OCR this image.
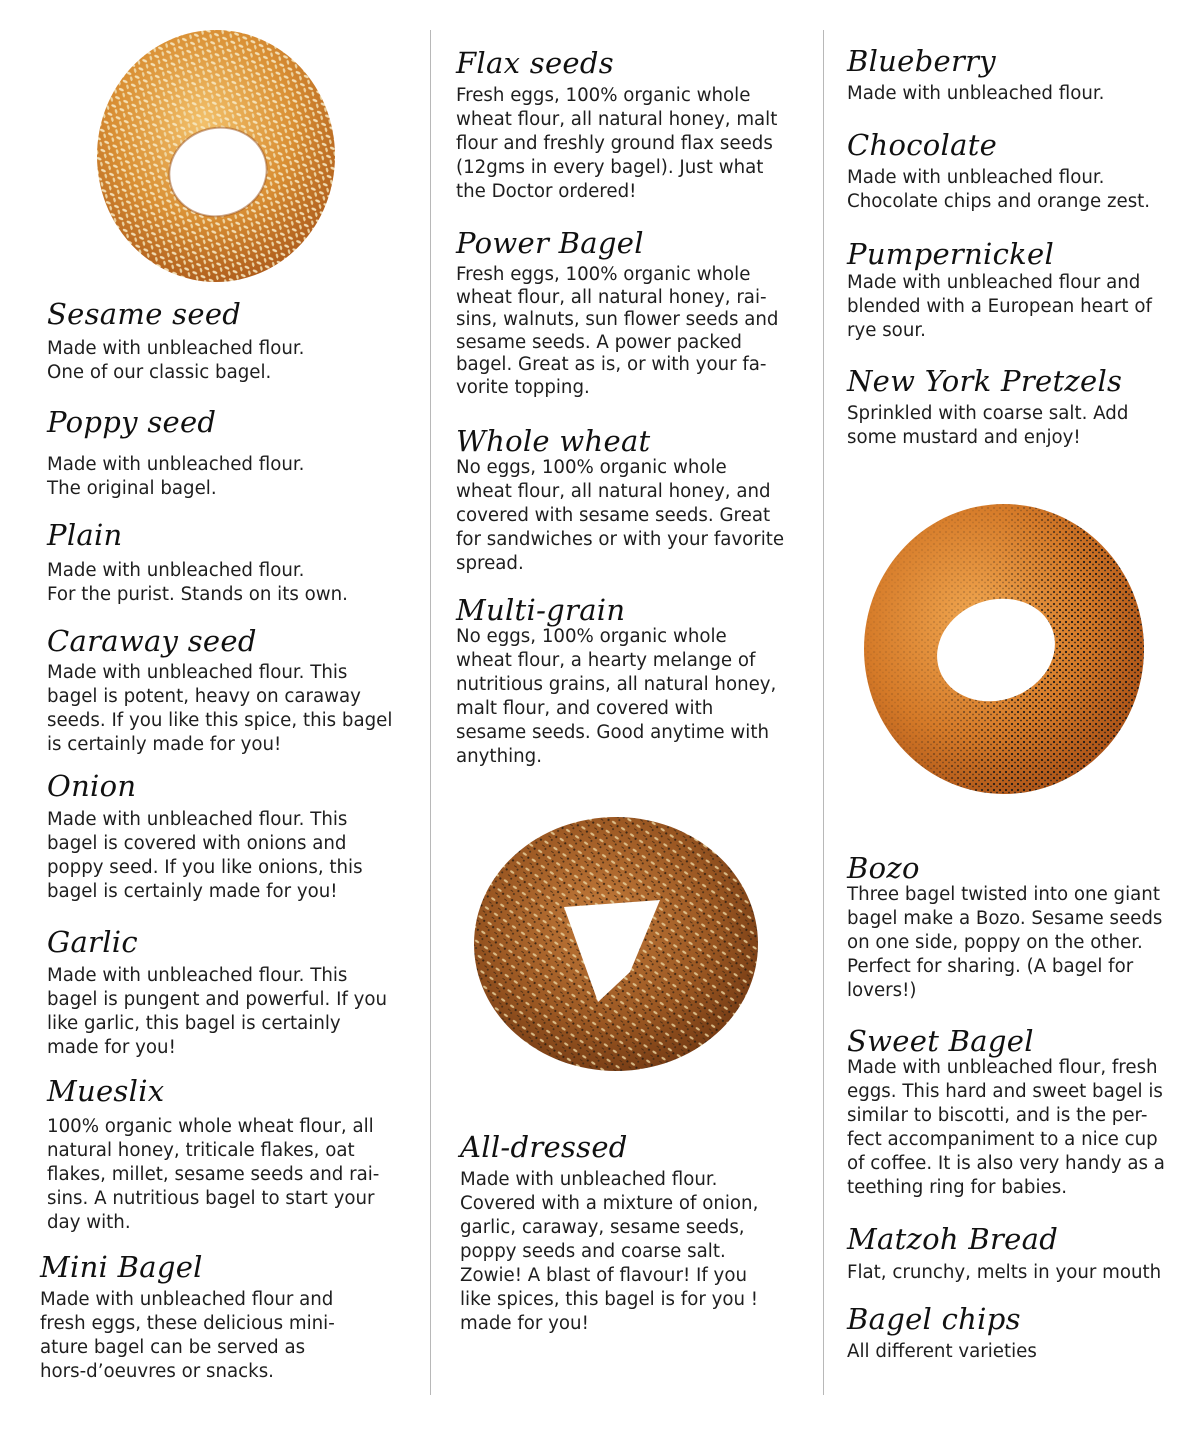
Sesame seed

Made with unbleached flour.
One of our classic bagel.

Poppy seed

Made with unbleached flour.
The original bagel.

Plain

Made with unbleached flour.
For the purist. Stands on its own.

Caraway seed

Made with unbleached flour. This
bagel is potent, heavy on caraway
seeds. If you like this spice, this bagel
is certainly made for you!

Onion

Made with unbleached flour. This
bagel is covered with onions and
poppy seed. If you like onions, this
bagel is certainly made for you!

Garlic

Made with unbleached flour. This
bagel is pungent and powerful. If you
like garlic, this bagel is certainly
made for you!

Mueslix

100% organic whole wheat flour, all
natural honey, triticale flakes, oat
flakes, millet, sesame seeds and rai-
sins. A nutritious bagel to start your
day with.

Mini Bagel

Made with unbleached flour and
fresh eggs, these delicious mini-
ature bagel can be served as
hors-d’oeuvres or snacks.

Flax seeds

Fresh eggs, 100% organic whole
wheat flour, all natural honey, malt
flour and freshly ground flax seeds
(12gms in every bagel). Just what
the Doctor ordered!

Power Bagel

Fresh eggs, 100% organic whole
wheat flour, all natural honey, rai-
sins, walnuts, sun flower seeds and
sesame seeds. A power packed
bagel. Great as is, or with your fa-
vorite topping.

Whole wheat

No eggs, 100% organic whole
wheat flour, all natural honey, and
covered with sesame seeds. Great
for sandwiches or with your favorite
spread.

Multi-grain

No eggs, 100% organic whole
wheat flour, a hearty melange of
nutritious grains, all natural honey,
malt flour, and covered with
sesame seeds. Good anytime with
anything.

All-dressed

Made with unbleached flour.
Covered with a mixture of onion,
garlic, caraway, sesame seeds,
poppy seeds and coarse salt.
Zowie! A blast of flavour! If you
like spices, this bagel is for you !
made for you!

Blueberry

Made with unbleached flour.

Chocolate

Made with unbleached flour.
Chocolate chips and orange zest.

Pumpernickel

Made with unbleached flour and
blended with a European heart of
rye sour.

New York Pretzels

Sprinkled with coarse salt. Add
some mustard and enjoy!

Bozo

Three bagel twisted into one giant
bagel make a Bozo. Sesame seeds
on one side, poppy on the other.
Perfect for sharing. (A bagel for
lovers!)

Sweet Bagel

Made with unbleached flour, fresh
eggs. This hard and sweet bagel is
similar to biscotti, and is the per-
fect accompaniment to a nice cup
of coffee. It is also very handy as a
teething ring for babies.

Matzoh Bread

Flat, crunchy, melts in your mouth

Bagel chips

All different varieties
